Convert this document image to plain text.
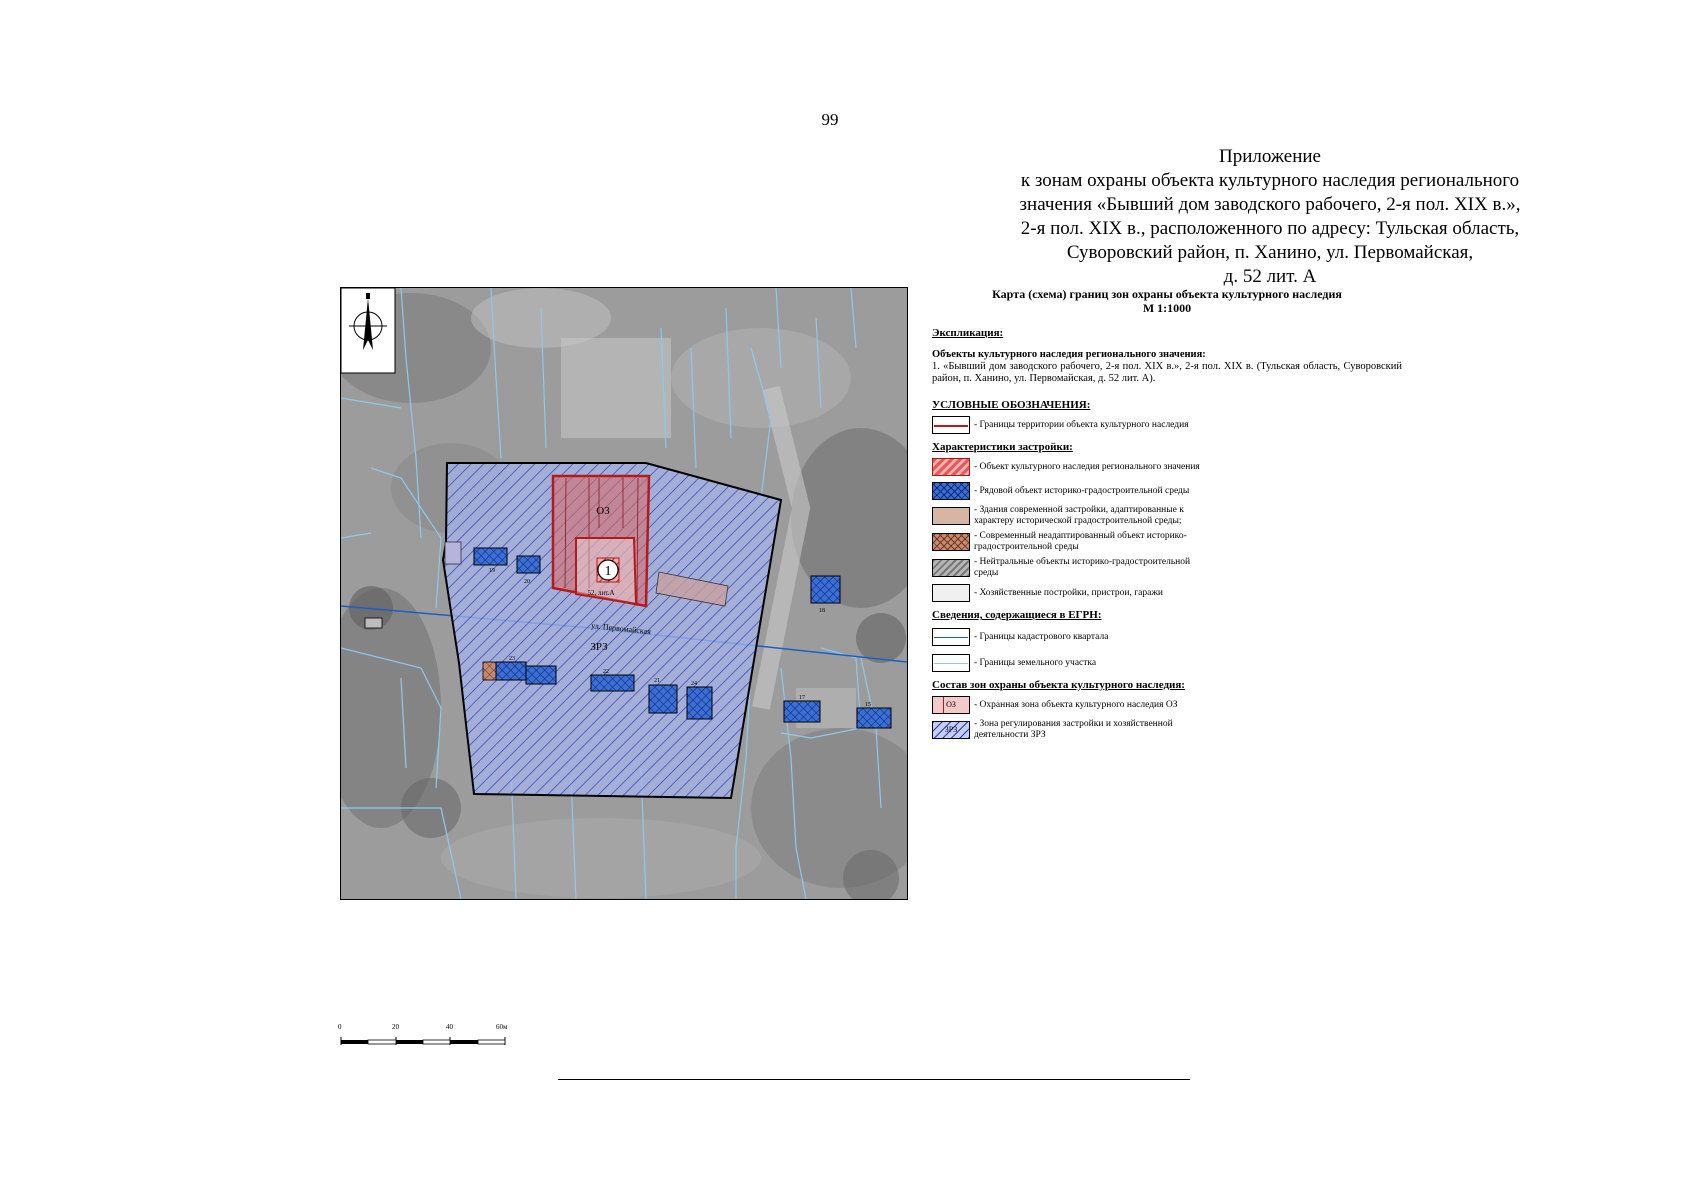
99
Приложение
к зонам охраны объекта культурного наследия регионального
значения «Бывший дом заводского рабочего, 2-я пол. XIX в.»,
2-я пол. XIX в., расположенного по адресу: Тульская область,
Суворовский район, п. Ханино, ул. Первомайская,
д. 52 лит. А
1
52, лит.А
ОЗ
ЗРЗ
ул. Первомайская
19
20
18
17
24
22
21
23
15
Карта (схема) границ зон охраны объекта культурного наследия
М 1:1000
Экспликация:
Объекты культурного наследия регионального значения:
1. «Бывший дом заводского рабочего, 2-я пол. XIX в.», 2-я пол. XIX в. (Тульская область, Суворовский район, п. Ханино, ул. Первомайская, д. 52 лит. А).
УСЛОВНЫЕ ОБОЗНАЧЕНИЯ:
- Границы территории объекта культурного наследия
Характеристики застройки:
- Объект культурного наследия регионального значения
- Рядовой объект историко-градостроительной среды
- Здания современной застройки, адаптированные к характеру исторической градостроительной среды;
- Современный неадаптированный объект историко-градостроительной среды
- Нейтральные объекты историко-градостроительной среды
- Хозяйственные постройки, пристрои, гаражи
Сведения, содержащиеся в ЕГРН:
- Границы кадастрового квартала
- Границы земельного участка
Состав зон охраны объекта культурного наследия:
ОЗ	- Охранная зона объекта культурного наследия ОЗ
ЗРЗ
- Зона регулирования застройки и хозяйственной деятельности ЗРЗ
0	20	40	60м
